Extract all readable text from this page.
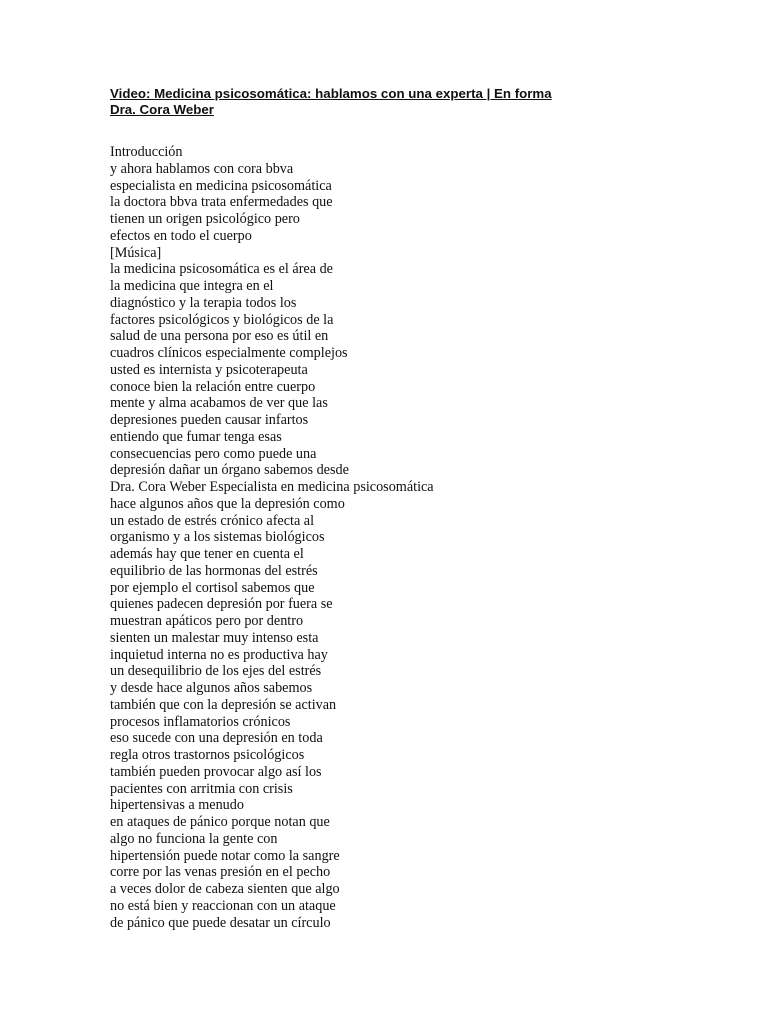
Video: Medicina psicosomática: hablamos con una experta | En forma
Dra. Cora Weber
Introducción
y ahora hablamos con cora bbva
especialista en medicina psicosomática
la doctora bbva trata enfermedades que
tienen un origen psicológico pero
efectos en todo el cuerpo
[Música]
la medicina psicosomática es el área de
la medicina que integra en el
diagnóstico y la terapia todos los
factores psicológicos y biológicos de la
salud de una persona por eso es útil en
cuadros clínicos especialmente complejos
usted es internista y psicoterapeuta
conoce bien la relación entre cuerpo
mente y alma acabamos de ver que las
depresiones pueden causar infartos
entiendo que fumar tenga esas
consecuencias pero como puede una
depresión dañar un órgano sabemos desde
Dra. Cora Weber Especialista en medicina psicosomática
hace algunos años que la depresión como
un estado de estrés crónico afecta al
organismo y a los sistemas biológicos
además hay que tener en cuenta el
equilibrio de las hormonas del estrés
por ejemplo el cortisol sabemos que
quienes padecen depresión por fuera se
muestran apáticos pero por dentro
sienten un malestar muy intenso esta
inquietud interna no es productiva hay
un desequilibrio de los ejes del estrés
y desde hace algunos años sabemos
también que con la depresión se activan
procesos inflamatorios crónicos
eso sucede con una depresión en toda
regla otros trastornos psicológicos
también pueden provocar algo así los
pacientes con arritmia con crisis
hipertensivas a menudo
en ataques de pánico porque notan que
algo no funciona la gente con
hipertensión puede notar como la sangre
corre por las venas presión en el pecho
a veces dolor de cabeza sienten que algo
no está bien y reaccionan con un ataque
de pánico que puede desatar un círculo
